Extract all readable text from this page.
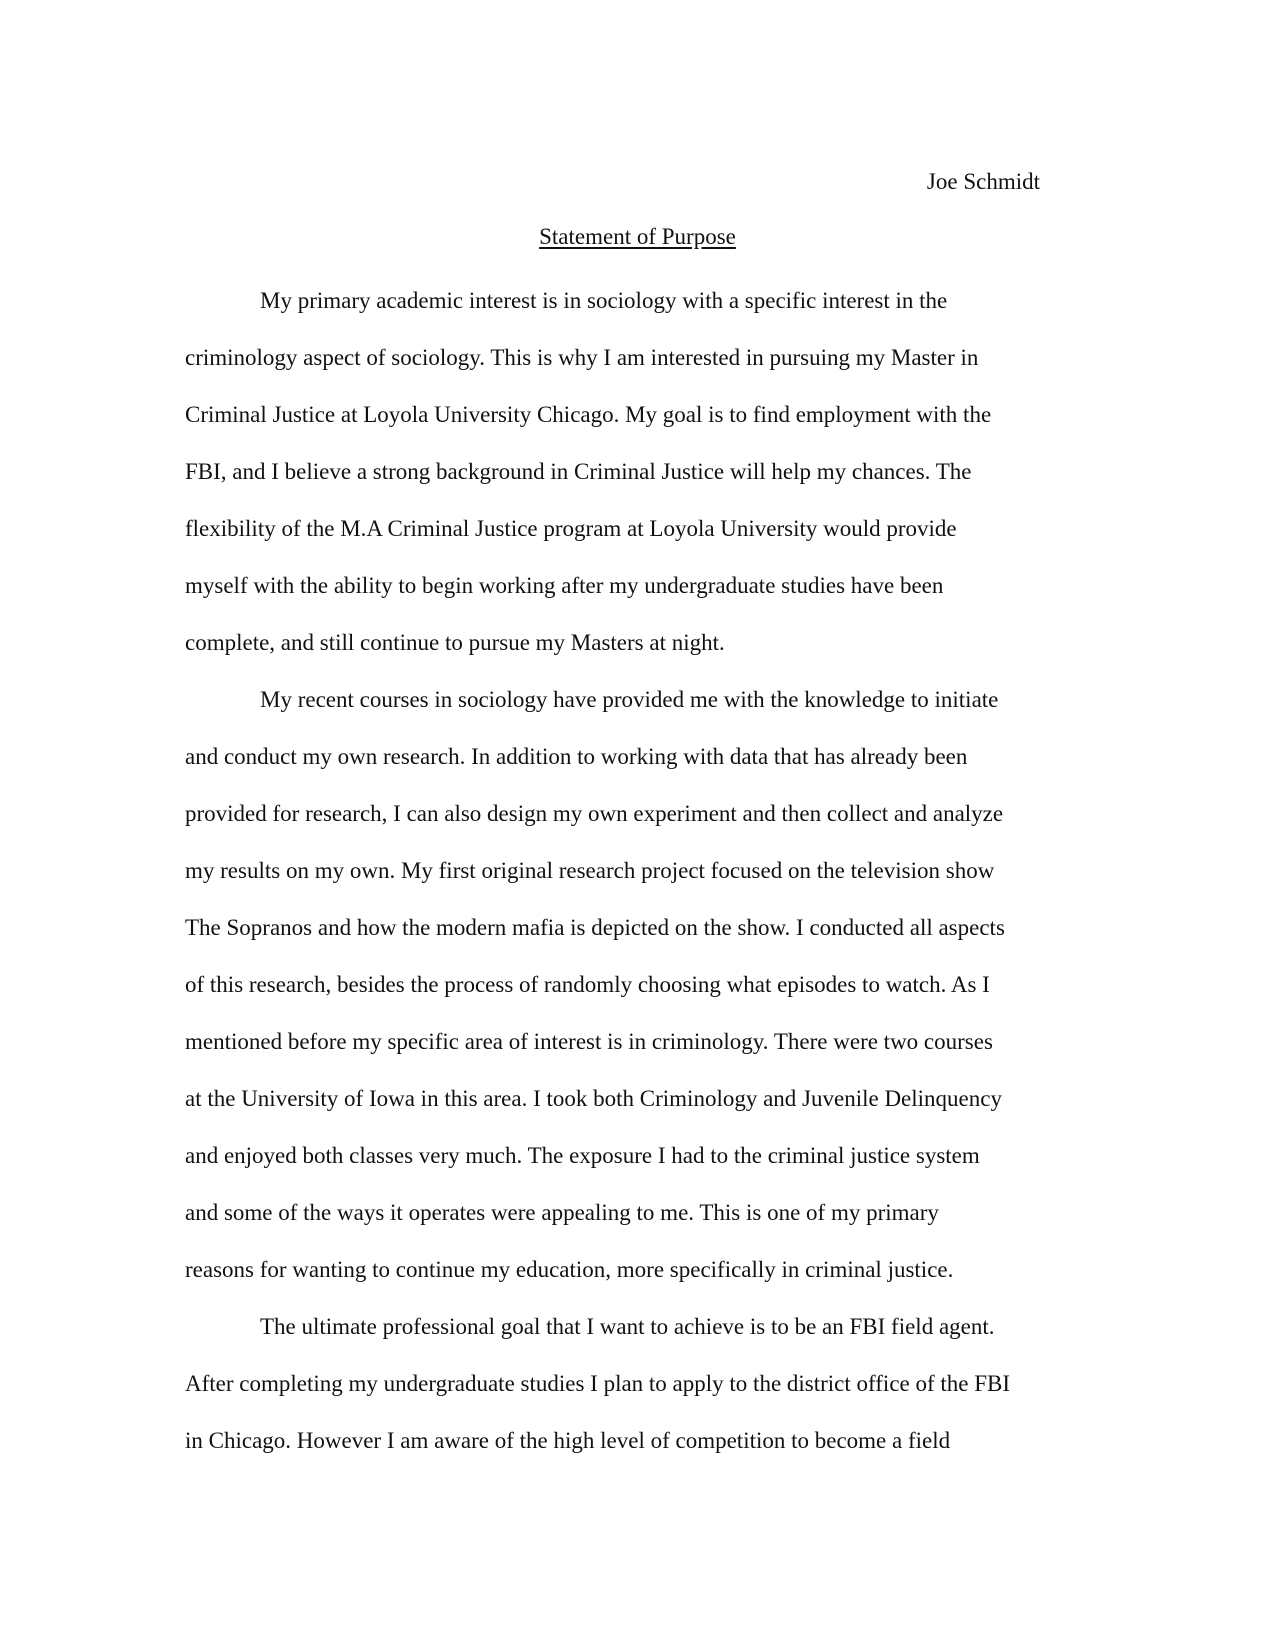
Joe Schmidt
Statement of Purpose
My primary academic interest is in sociology with a specific interest in the
criminology aspect of sociology. This is why I am interested in pursuing my Master in
Criminal Justice at Loyola University Chicago. My goal is to find employment with the
FBI, and I believe a strong background in Criminal Justice will help my chances. The
flexibility of the M.A Criminal Justice program at Loyola University would provide
myself with the ability to begin working after my undergraduate studies have been
complete, and still continue to pursue my Masters at night.
My recent courses in sociology have provided me with the knowledge to initiate
and conduct my own research. In addition to working with data that has already been
provided for research, I can also design my own experiment and then collect and analyze
my results on my own. My first original research project focused on the television show
The Sopranos and how the modern mafia is depicted on the show. I conducted all aspects
of this research, besides the process of randomly choosing what episodes to watch. As I
mentioned before my specific area of interest is in criminology. There were two courses
at the University of Iowa in this area. I took both Criminology and Juvenile Delinquency
and enjoyed both classes very much. The exposure I had to the criminal justice system
and some of the ways it operates were appealing to me. This is one of my primary
reasons for wanting to continue my education, more specifically in criminal justice.
The ultimate professional goal that I want to achieve is to be an FBI field agent.
After completing my undergraduate studies I plan to apply to the district office of the FBI
in Chicago. However I am aware of the high level of competition to become a field
